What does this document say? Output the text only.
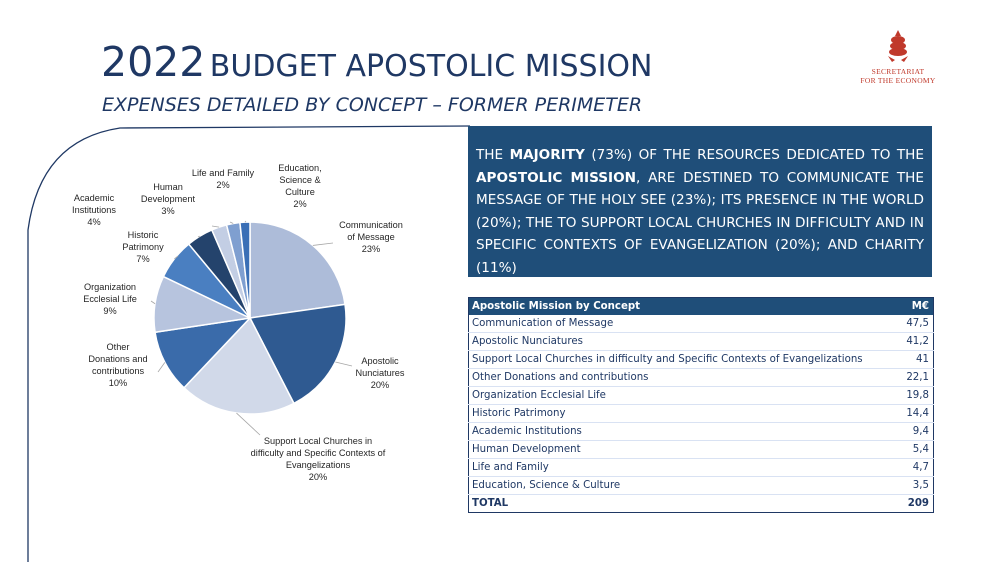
2022 BUDGET APOSTOLIC MISSION
EXPENSES DETAILED BY CONCEPT – FORMER PERIMETER
SECRETARIAT
FOR THE ECONOMY
Communication of Message 23%
Apostolic Nunciatures 20%
Support Local Churches in difficulty and Specific Contexts of Evangelizations 20%
Other Donations and contributions 10%
Organization Ecclesial Life 9%
Historic Patrimony 7%
Academic Institutions 4%
Human Development 3%
Life and Family 2%
Education, Science & Culture 2%

THE MAJORITY (73%) OF THE RESOURCES DEDICATED TO THE APOSTOLIC MISSION, ARE DESTINED TO COMMUNICATE THE MESSAGE OF THE HOLY SEE (23%); ITS PRESENCE IN THE WORLD (20%); THE TO SUPPORT LOCAL CHURCHES IN DIFFICULTY AND IN SPECIFIC CONTEXTS OF EVANGELIZATION (20%); AND CHARITY (11%)

Apostolic Mission by Concept	M€
Communication of Message	47,5
Apostolic Nunciatures	41,2
Support Local Churches in difficulty and Specific Contexts of Evangelizations	41
Other Donations and contributions	22,1
Organization Ecclesial Life	19,8
Historic Patrimony	14,4
Academic Institutions	9,4
Human Development	5,4
Life and Family	4,7
Education, Science & Culture	3,5
TOTAL	209
